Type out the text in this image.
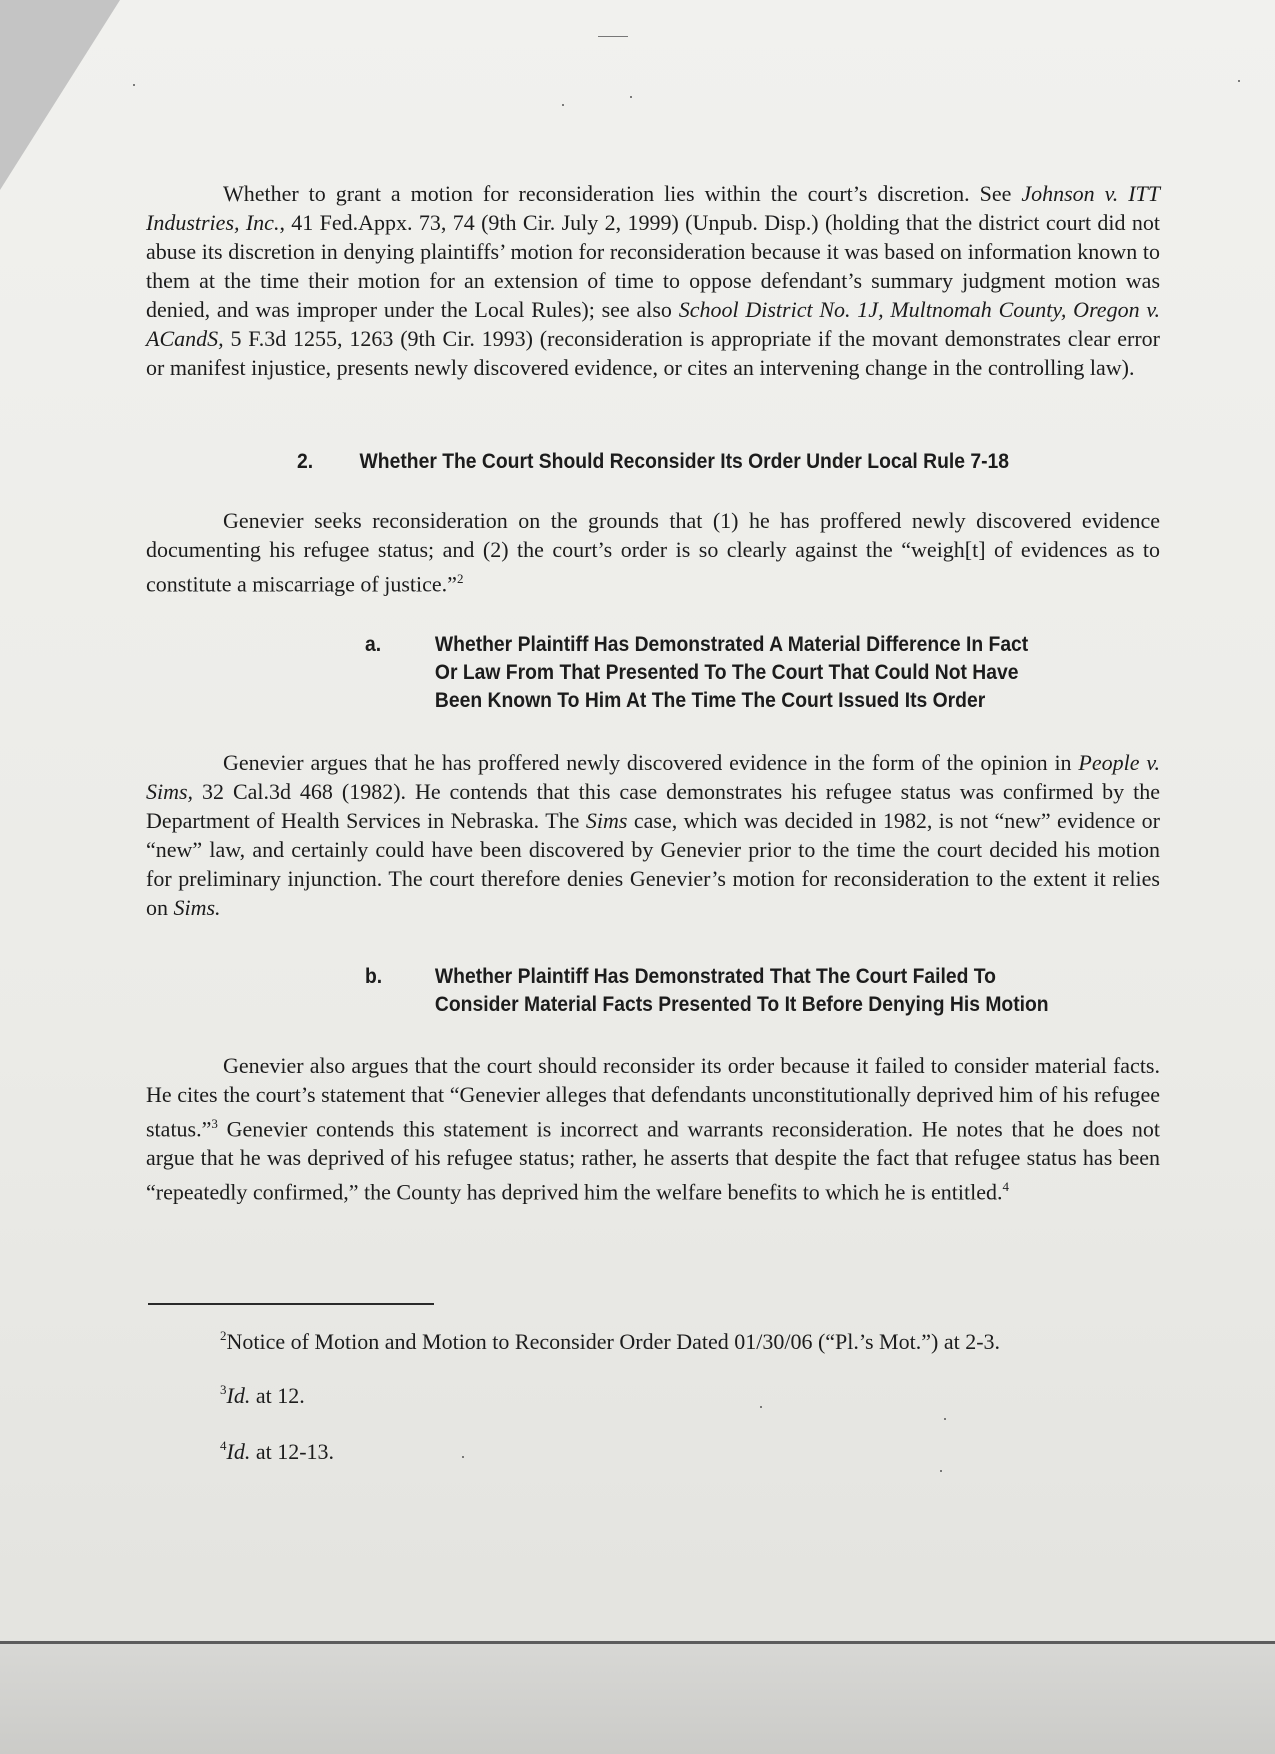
Whether to grant a motion for reconsideration lies within the court’s discretion. See Johnson v. ITT Industries, Inc., 41 Fed.Appx. 73, 74 (9th Cir. July 2, 1999) (Unpub. Disp.) (holding that the district court did not abuse its discretion in denying plaintiffs’ motion for reconsideration because it was based on information known to them at the time their motion for an extension of time to oppose defendant’s summary judgment motion was denied, and was improper under the Local Rules); see also School District No. 1J, Multnomah County, Oregon v. ACandS, 5 F.3d 1255, 1263 (9th Cir. 1993) (reconsideration is appropriate if the movant demonstrates clear error or manifest injustice, presents newly discovered evidence, or cites an intervening change in the controlling law).

2. Whether The Court Should Reconsider Its Order Under Local Rule 7-18

Genevier seeks reconsideration on the grounds that (1) he has proffered newly discovered evidence documenting his refugee status; and (2) the court’s order is so clearly against the “weigh[t] of evidences as to constitute a miscarriage of justice.”$^2$

a.	Whether Plaintiff Has Demonstrated A Material Difference In Fact
Or Law From That Presented To The Court That Could Not Have
Been Known To Him At The Time The Court Issued Its Order

Genevier argues that he has proffered newly discovered evidence in the form of the opinion in People v. Sims, 32 Cal.3d 468 (1982). He contends that this case demonstrates his refugee status was confirmed by the Department of Health Services in Nebraska. The Sims case, which was decided in 1982, is not “new” evidence or “new” law, and certainly could have been discovered by Genevier prior to the time the court decided his motion for preliminary injunction. The court therefore denies Genevier’s motion for reconsideration to the extent it relies on Sims.

b.	Whether Plaintiff Has Demonstrated That The Court Failed To
Consider Material Facts Presented To It Before Denying His Motion

Genevier also argues that the court should reconsider its order because it failed to consider material facts. He cites the court’s statement that “Genevier alleges that defendants unconstitutionally deprived him of his refugee status.”$^3$ Genevier contends this statement is incorrect and warrants reconsideration. He notes that he does not argue that he was deprived of his refugee status; rather, he asserts that despite the fact that refugee status has been “repeatedly confirmed,” the County has deprived him the welfare benefits to which he is entitled.$^4$

$^2$Notice of Motion and Motion to Reconsider Order Dated 01/30/06 (“Pl.’s Mot.”) at 2-3.
$^3$Id. at 12.
$^4$Id. at 12-13.
